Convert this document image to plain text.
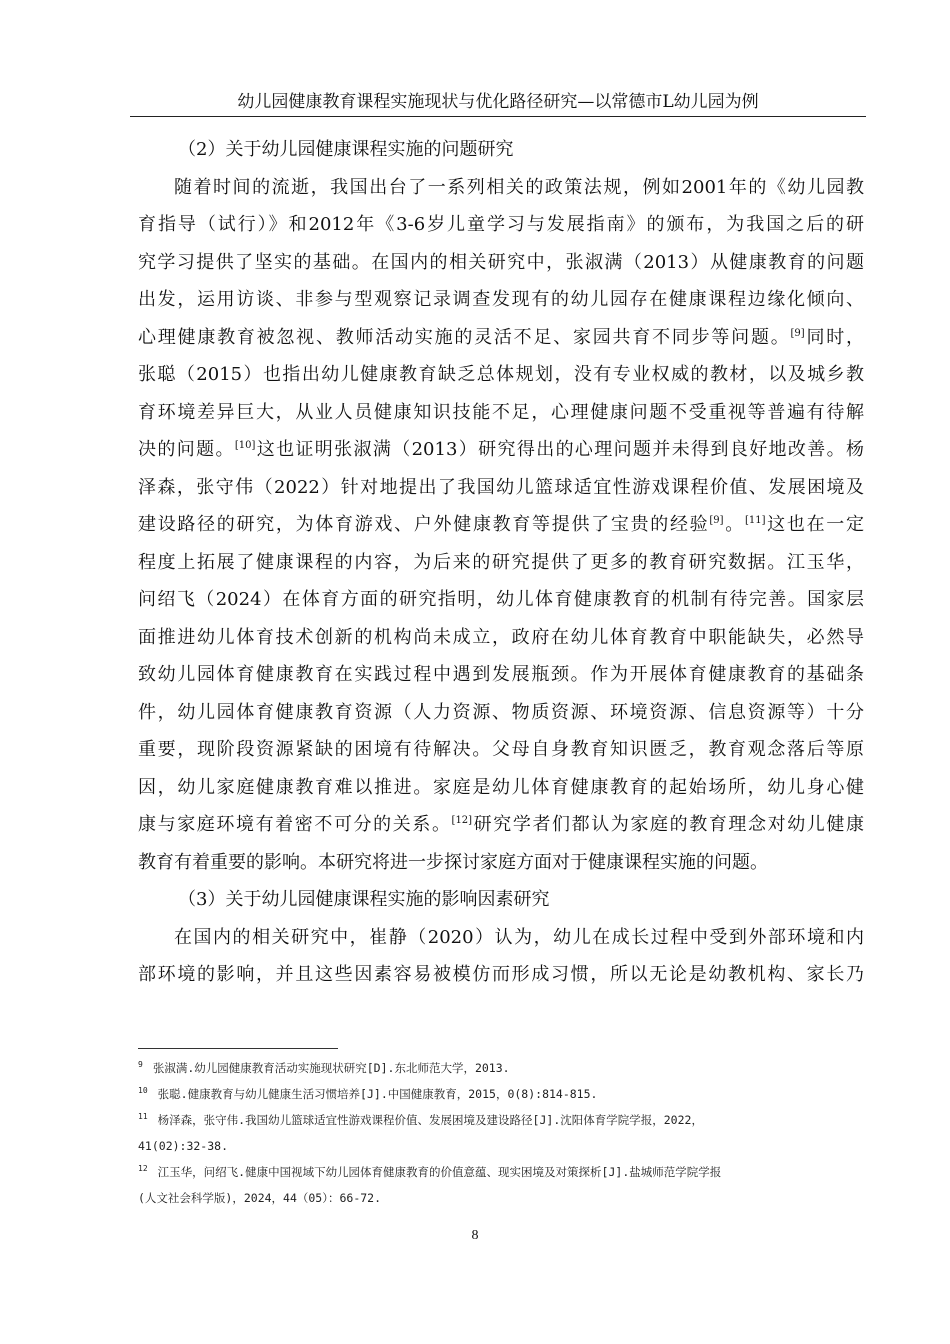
幼儿园健康教育课程实施现状与优化路径研究—以常德市L幼儿园为例
（2）关于幼儿园健康课程实施的问题研究
随着时间的流逝，我国出台了一系列相关的政策法规，例如2001年的《幼儿园教
育指导（试行）》和2012年《3-6岁儿童学习与发展指南》的颁布，为我国之后的研
究学习提供了坚实的基础。在国内的相关研究中，张淑满（2013）从健康教育的问题
出发，运用访谈、非参与型观察记录调查发现有的幼儿园存在健康课程边缘化倾向、
心理健康教育被忽视、教师活动实施的灵活不足、家园共育不同步等问题。[9]同时，
张聪（2015）也指出幼儿健康教育缺乏总体规划，没有专业权威的教材，以及城乡教
育环境差异巨大，从业人员健康知识技能不足，心理健康问题不受重视等普遍有待解
决的问题。[10]这也证明张淑满（2013）研究得出的心理问题并未得到良好地改善。杨
泽森，张守伟（2022）针对地提出了我国幼儿篮球适宜性游戏课程价值、发展困境及
建设路径的研究，为体育游戏、户外健康教育等提供了宝贵的经验[9]。[11]这也在一定
程度上拓展了健康课程的内容，为后来的研究提供了更多的教育研究数据。江玉华，
问绍飞（2024）在体育方面的研究指明，幼儿体育健康教育的机制有待完善。国家层
面推进幼儿体育技术创新的机构尚未成立，政府在幼儿体育教育中职能缺失，必然导
致幼儿园体育健康教育在实践过程中遇到发展瓶颈。作为开展体育健康教育的基础条
件，幼儿园体育健康教育资源（人力资源、物质资源、环境资源、信息资源等）十分
重要，现阶段资源紧缺的困境有待解决。父母自身教育知识匮乏，教育观念落后等原
因，幼儿家庭健康教育难以推进。家庭是幼儿体育健康教育的起始场所，幼儿身心健
康与家庭环境有着密不可分的关系。[12]研究学者们都认为家庭的教育理念对幼儿健康
教育有着重要的影响。本研究将进一步探讨家庭方面对于健康课程实施的问题。
（3）关于幼儿园健康课程实施的影响因素研究
在国内的相关研究中，崔静（2020）认为，幼儿在成长过程中受到外部环境和内
部环境的影响，并且这些因素容易被模仿而形成习惯，所以无论是幼教机构、家长乃
$^9$ 张淑满.幼儿园健康教育活动实施现状研究[D].东北师范大学，2013.
$^{10}$ 张聪.健康教育与幼儿健康生活习惯培养[J].中国健康教育，2015，0(8):814-815.
$^{11}$ 杨泽森，张守伟.我国幼儿篮球适宜性游戏课程价值、发展困境及建设路径[J].沈阳体育学院学报，2022，
41(02):32-38.
$^{12}$ 江玉华，问绍飞.健康中国视域下幼儿园体育健康教育的价值意蕴、现实困境及对策探析[J].盐城师范学院学报
(人文社会科学版)，2024，44（05）：66-72.
8
